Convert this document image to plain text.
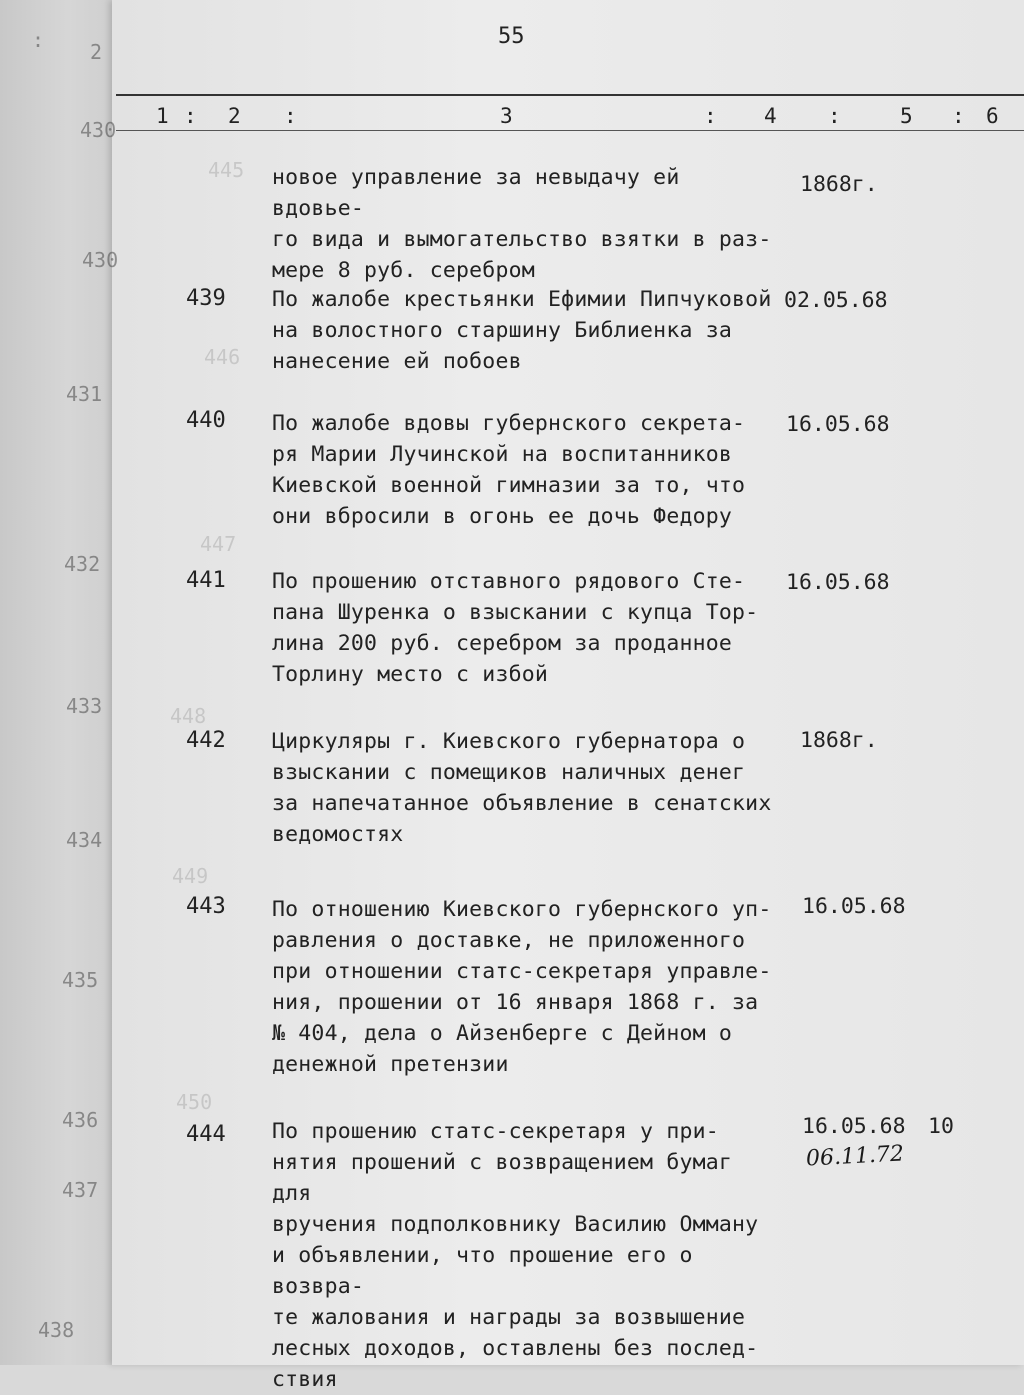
445
446
447
448
449
450
: 2
430
430
431
432
433
434
435
436
437
438
55
1 : 2 :	3	: 4 :	5 : 6
новое управление за невыдачу ей вдовье-
го вида и вымогательство взятки в раз-
мере 8 руб. серебром
1868г.
439 По жалобе крестьянки Ефимии Пипчуковой
на волостного старшину Библиенка за
нанесение ей побоев
02.05.68
440 По жалобе вдовы губернского секрета-
ря Марии Лучинской на воспитанников
Киевской военной гимназии за то, что
они вбросили в огонь ее дочь Федору
16.05.68
441 По прошению отставного рядового Сте-
пана Шуренка о взыскании с купца Тор-
лина 200 руб. серебром за проданное
Торлину место с избой
16.05.68
442 Циркуляры г. Киевского губернатора о
взыскании с помещиков наличных денег
за напечатанное объявление в сенатских
ведомостях
1868г.
443 По отношению Киевского губернского уп-
равления о доставке, не приложенного
при отношении статс-секретаря управле-
ния, прошении от 16 января 1868 г. за
№ 404, дела о Айзенберге с Дейном о
денежной претензии
16.05.68
444 По прошению статс-секретаря у при-
нятия прошений с возвращением бумаг для
вручения подполковнику Василию Омману
и объявлении, что прошение его о возвра-
те жалования и награды за возвышение
лесных доходов, оставлены без послед-
ствия
16.05.68 10
06.11.72
